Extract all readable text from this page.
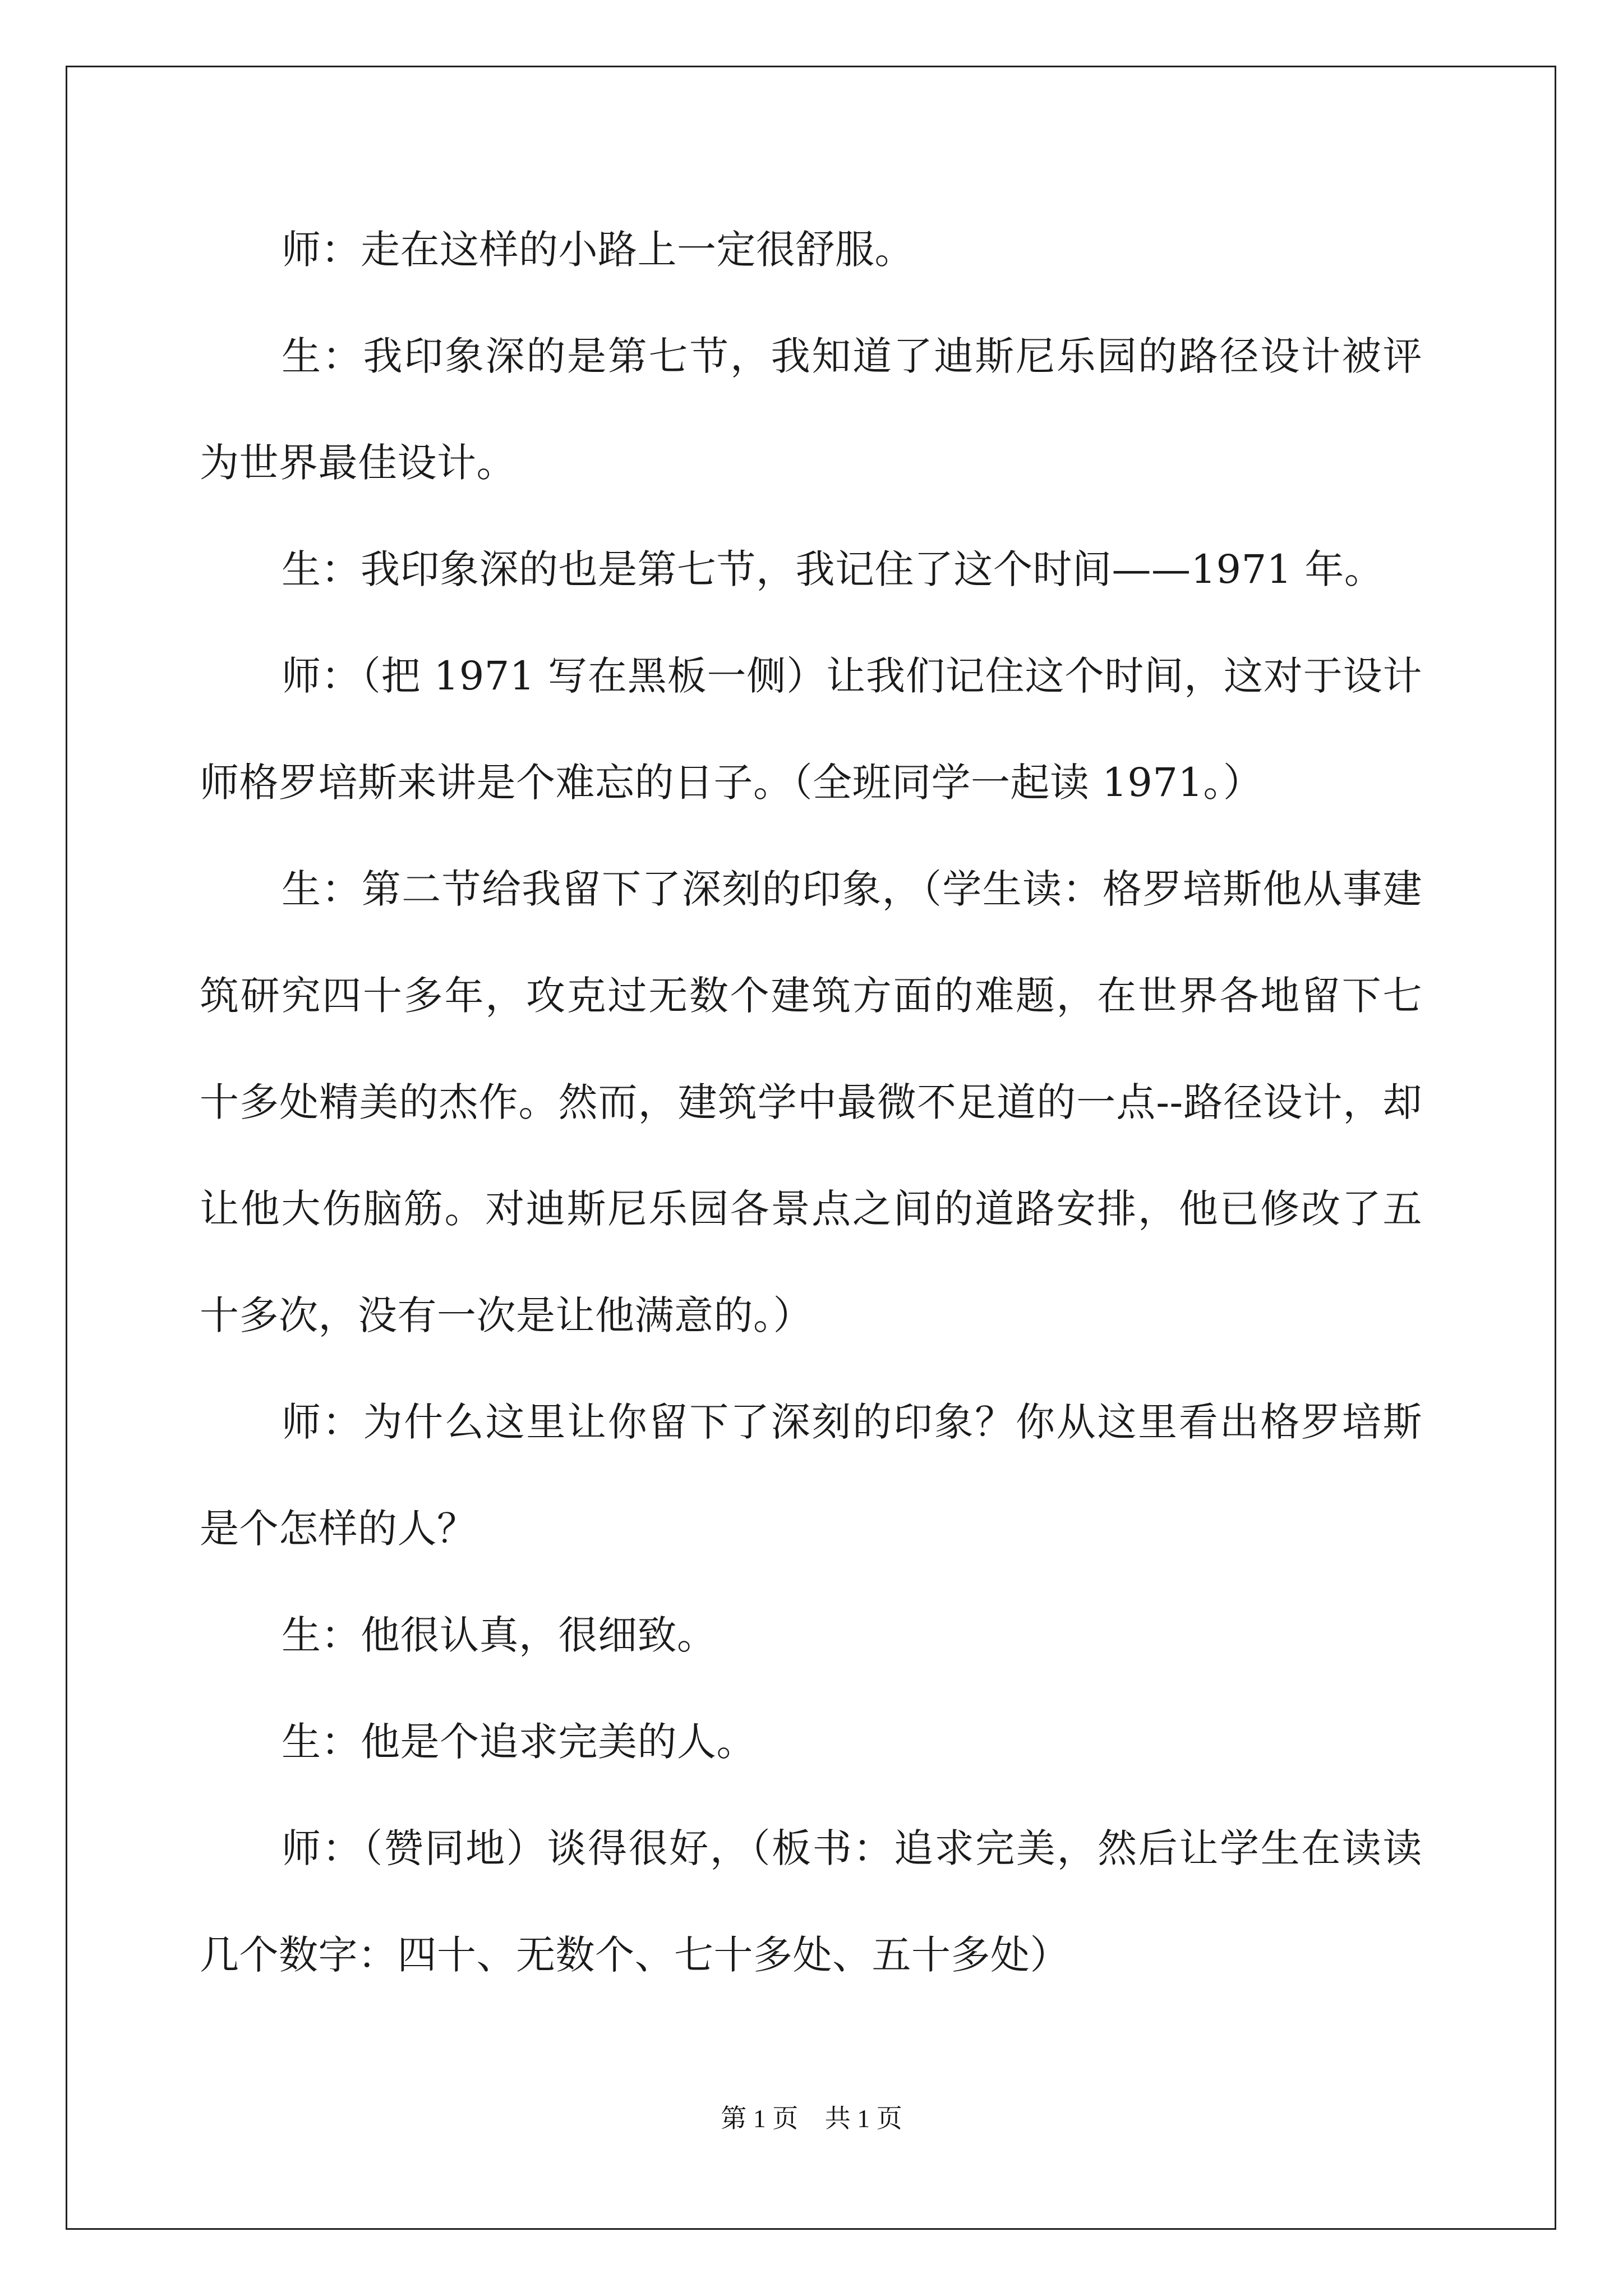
师：走在这样的小路上一定很舒服。

生：我印象深的是第七节，我知道了迪斯尼乐园的路径设计被评为世界最佳设计。

生：我印象深的也是第七节，我记住了这个时间——1971 年。

师：（把 1971 写在黑板一侧）让我们记住这个时间，这对于设计师格罗培斯来讲是个难忘的日子。（全班同学一起读 1971。）

生：第二节给我留下了深刻的印象，（学生读：格罗培斯他从事建筑研究四十多年，攻克过无数个建筑方面的难题，在世界各地留下七十多处精美的杰作。然而，建筑学中最微不足道的一点--路径设计，却让他大伤脑筋。对迪斯尼乐园各景点之间的道路安排，他已修改了五十多次，没有一次是让他满意的。）

师：为什么这里让你留下了深刻的印象？你从这里看出格罗培斯是个怎样的人？

生：他很认真，很细致。

生：他是个追求完美的人。

师：（赞同地）谈得很好，（板书：追求完美，然后让学生在读读几个数字：四十、无数个、七十多处、五十多处）

第 1 页 共 1 页
